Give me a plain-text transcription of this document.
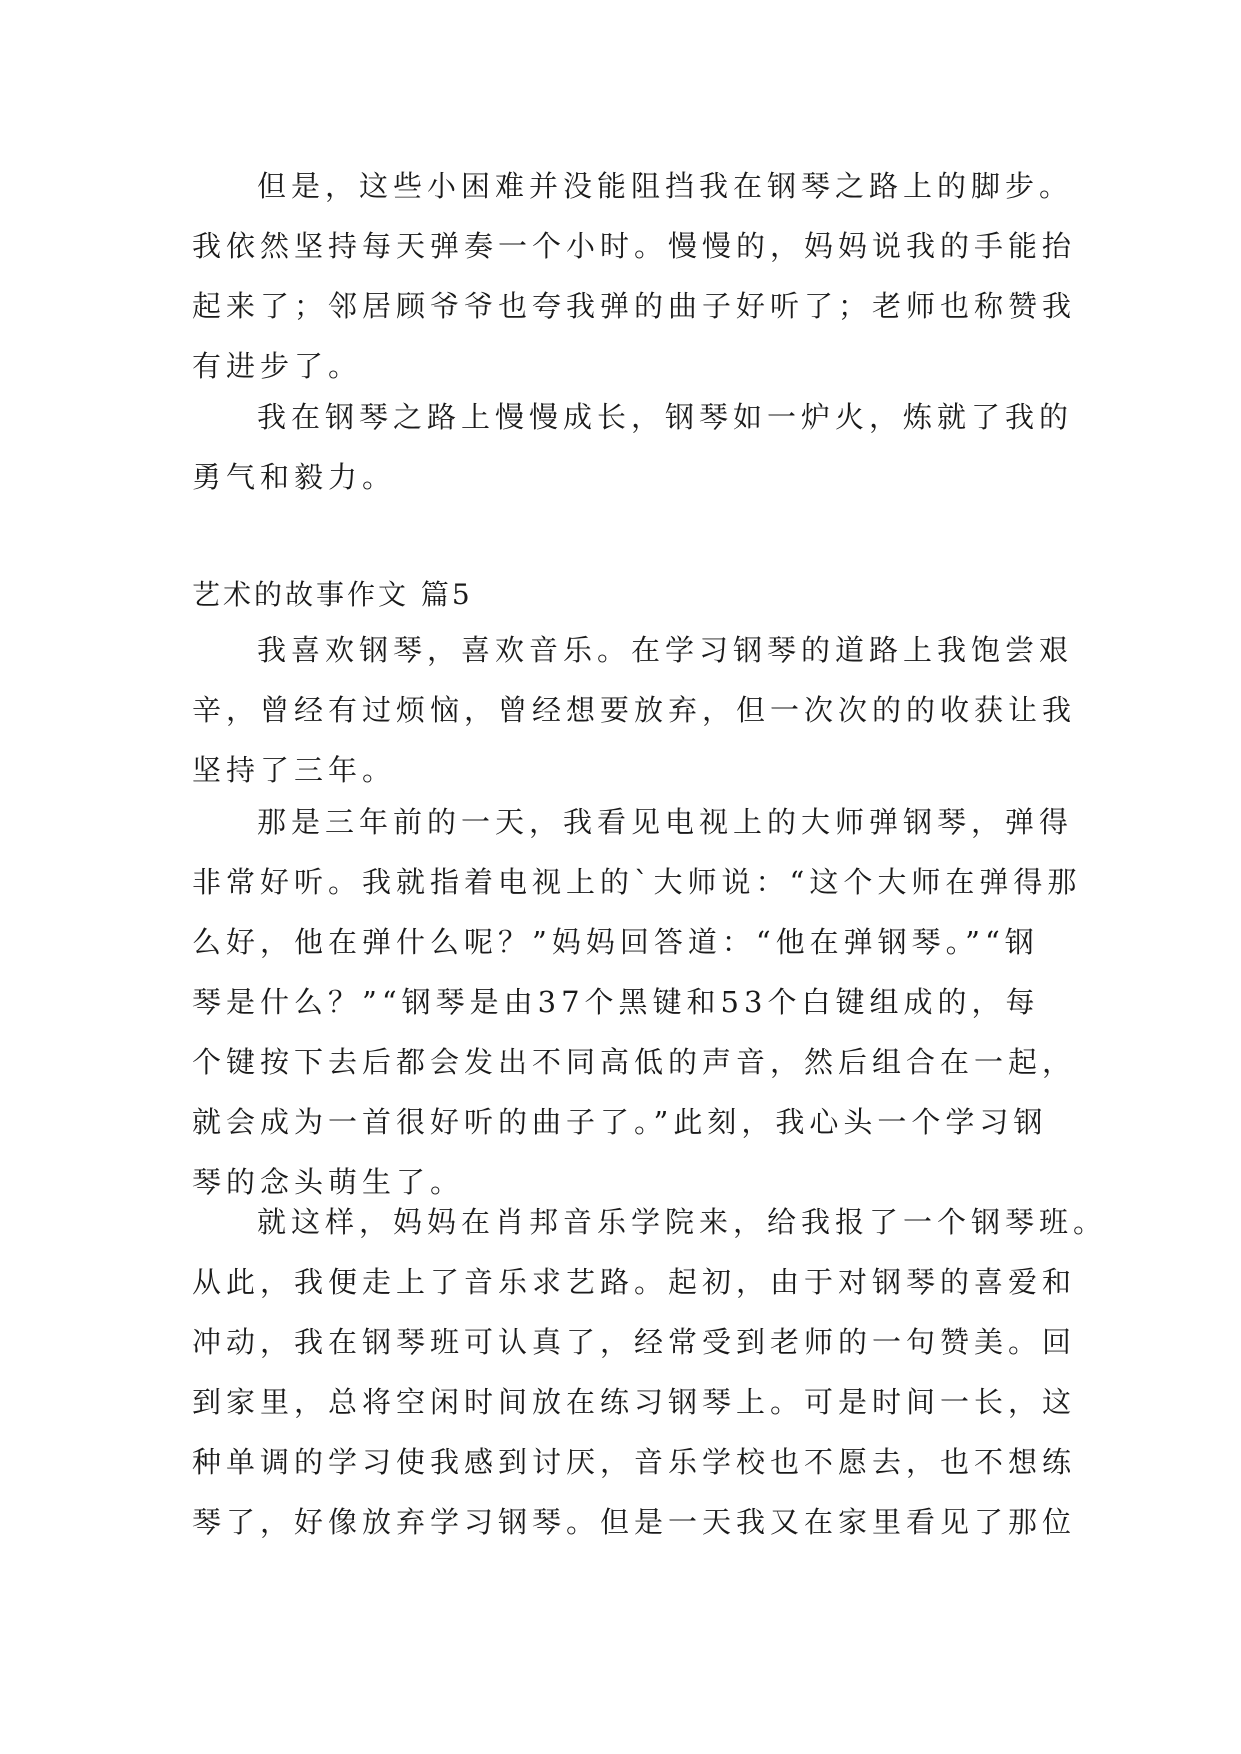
但是，这些小困难并没能阻挡我在钢琴之路上的脚步。
我依然坚持每天弹奏一个小时。慢慢的，妈妈说我的手能抬
起来了；邻居顾爷爷也夸我弹的曲子好听了；老师也称赞我
有进步了。
我在钢琴之路上慢慢成长，钢琴如一炉火，炼就了我的
勇气和毅力。
艺术的故事作文 篇5
我喜欢钢琴，喜欢音乐。在学习钢琴的道路上我饱尝艰
辛，曾经有过烦恼，曾经想要放弃，但一次次的的收获让我
坚持了三年。
那是三年前的一天，我看见电视上的大师弹钢琴，弹得
非常好听。我就指着电视上的`大师说：“这个大师在弹得那
么好，他在弹什么呢？”妈妈回答道：“他在弹钢琴。”“钢
琴是什么？”“钢琴是由37个黑键和53个白键组成的，每
个键按下去后都会发出不同高低的声音，然后组合在一起，
就会成为一首很好听的曲子了。”此刻，我心头一个学习钢
琴的念头萌生了。
就这样，妈妈在肖邦音乐学院来，给我报了一个钢琴班。
从此，我便走上了音乐求艺路。起初，由于对钢琴的喜爱和
冲动，我在钢琴班可认真了，经常受到老师的一句赞美。回
到家里，总将空闲时间放在练习钢琴上。可是时间一长，这
种单调的学习使我感到讨厌，音乐学校也不愿去，也不想练
琴了，好像放弃学习钢琴。但是一天我又在家里看见了那位
